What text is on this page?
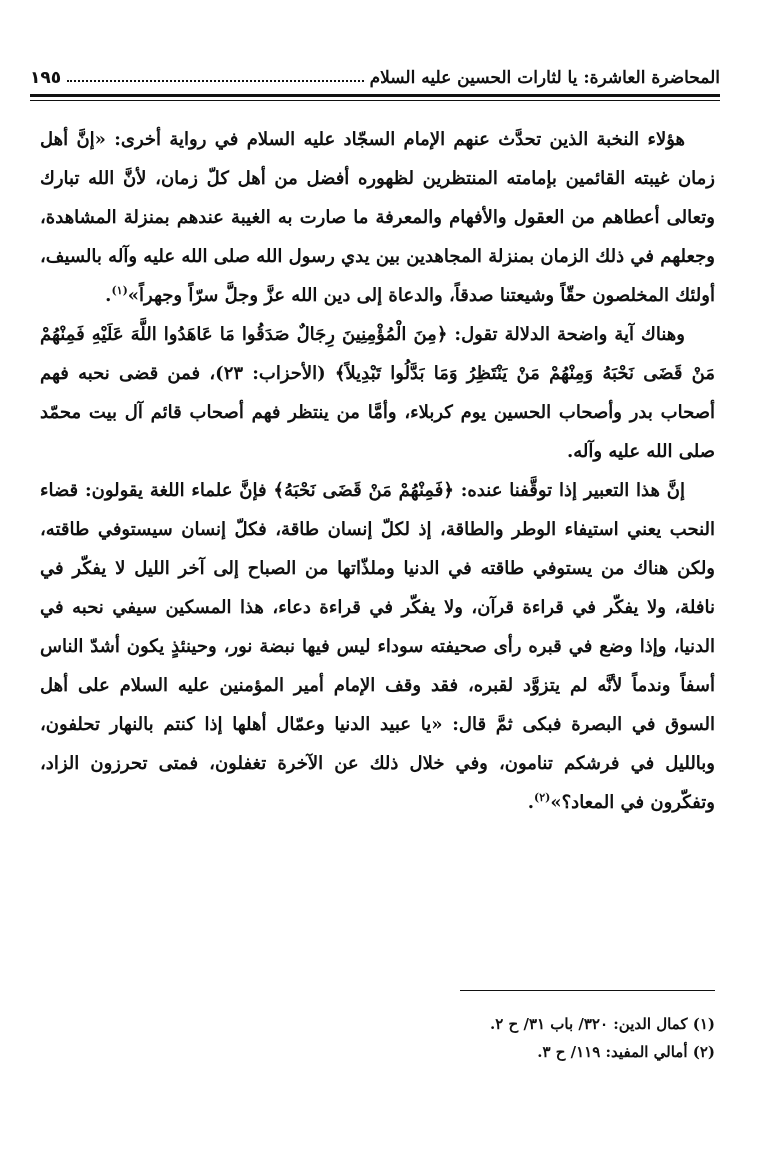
المحاضرة العاشرة: يا لثارات الحسين عليه السلام
١٩٥

هؤلاء النخبة الذين تحدَّث عنهم الإمام السجّاد عليه السلام في رواية أخرى: «إنَّ أهل زمان غيبته القائمين بإمامته المنتظرين لظهوره أفضل من أهل كلّ زمان، لأنَّ الله تبارك وتعالى أعطاهم من العقول والأفهام والمعرفة ما صارت به الغيبة عندهم بمنزلة المشاهدة، وجعلهم في ذلك الزمان بمنزلة المجاهدين بين يدي رسول الله صلى الله عليه وآله بالسيف، أولئك المخلصون حقّاً وشيعتنا صدقاً، والدعاة إلى دين الله عزَّ وجلَّ سرّاً وجهراً»$^{(١)}$.

وهناك آية واضحة الدلالة تقول: ﴿مِنَ الْمُؤْمِنِينَ رِجَالٌ صَدَقُوا مَا عَاهَدُوا اللَّهَ عَلَيْهِ فَمِنْهُمْ مَنْ قَضَى نَحْبَهُ وَمِنْهُمْ مَنْ يَنْتَظِرُ وَمَا بَدَّلُوا تَبْدِيلاً﴾ (الأحزاب: ٢٣)، فمن قضى نحبه فهم أصحاب بدر وأصحاب الحسين يوم كربلاء، وأمَّا من ينتظر فهم أصحاب قائم آل بيت محمّد صلى الله عليه وآله.

إنَّ هذا التعبير إذا توقَّفنا عنده: ﴿فَمِنْهُمْ مَنْ قَضَى نَحْبَهُ﴾ فإنَّ علماء اللغة يقولون: قضاء النحب يعني استيفاء الوطر والطاقة، إذ لكلّ إنسان طاقة، فكلّ إنسان سيستوفي طاقته، ولكن هناك من يستوفي طاقته في الدنيا وملذّاتها من الصباح إلى آخر الليل لا يفكّر في نافلة، ولا يفكّر في قراءة قرآن، ولا يفكّر في قراءة دعاء، هذا المسكين سيفي نحبه في الدنيا، وإذا وضع في قبره رأى صحيفته سوداء ليس فيها نبضة نور، وحينئذٍ يكون أشدّ الناس أسفاً وندماً لأنَّه لم يتزوَّد لقبره، فقد وقف الإمام أمير المؤمنين عليه السلام على أهل السوق في البصرة فبكى ثمَّ قال: «يا عبيد الدنيا وعمّال أهلها إذا كنتم بالنهار تحلفون، وبالليل في فرشكم تنامون، وفي خلال ذلك عن الآخرة تغفلون، فمتى تحرزون الزاد، وتفكّرون في المعاد؟»$^{(٢)}$.

(١) كمال الدين: ٣٢٠/ باب ٣١/ ح ٢.
(٢) أمالي المفيد: ١١٩/ ح ٣.
